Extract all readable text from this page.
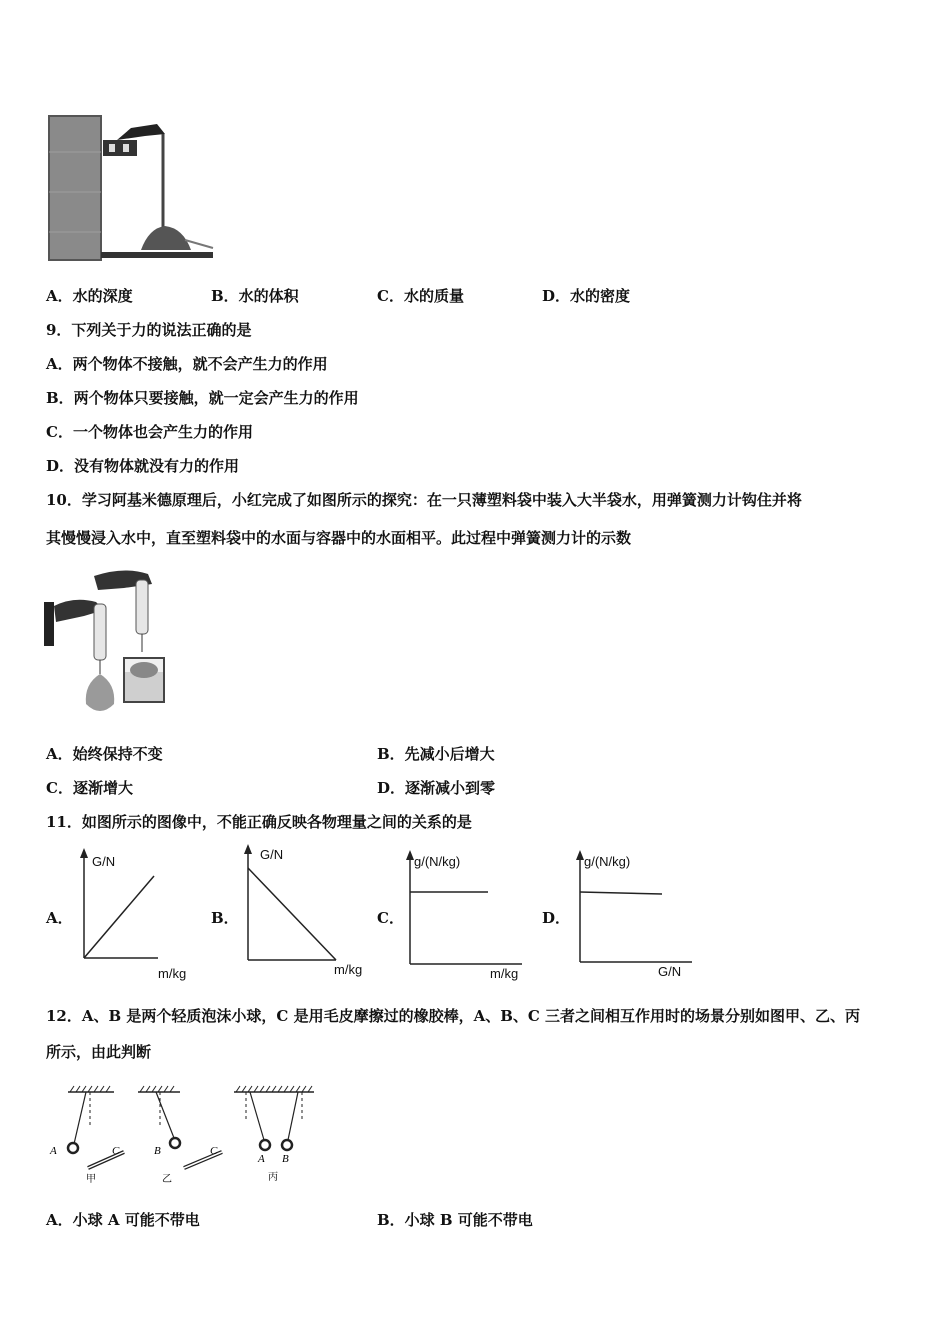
A．水的深度	B．水的体积	C．水的质量	D．水的密度
9．下列关于力的说法正确的是
A．两个物体不接触，就不会产生力的作用
B．两个物体只要接触，就一定会产生力的作用
C．一个物体也会产生力的作用
D．没有物体就没有力的作用
10．学习阿基米德原理后，小红完成了如图所示的探究：在一只薄塑料袋中装入大半袋水，用弹簧测力计钩住并将
其慢慢浸入水中，直至塑料袋中的水面与容器中的水面相平。此过程中弹簧测力计的示数
A．始终保持不变	B．先减小后增大
C．逐渐增大	D．逐渐减小到零
11．如图所示的图像中，不能正确反映各物理量之间的关系的是
A．	B．	C．	D．
G/N
m/kg
G/N
m/kg
g/(N/kg)
m/kg
g/(N/kg)
G/N
12．A、B 是两个轻质泡沫小球，C 是用毛皮摩擦过的橡胶棒，A、B、C 三者之间相互作用时的场景分别如图甲、乙、丙
所示，由此判断
A	C
甲
B	C
乙
A B
丙
A．小球 A 可能不带电	B．小球 B 可能不带电
